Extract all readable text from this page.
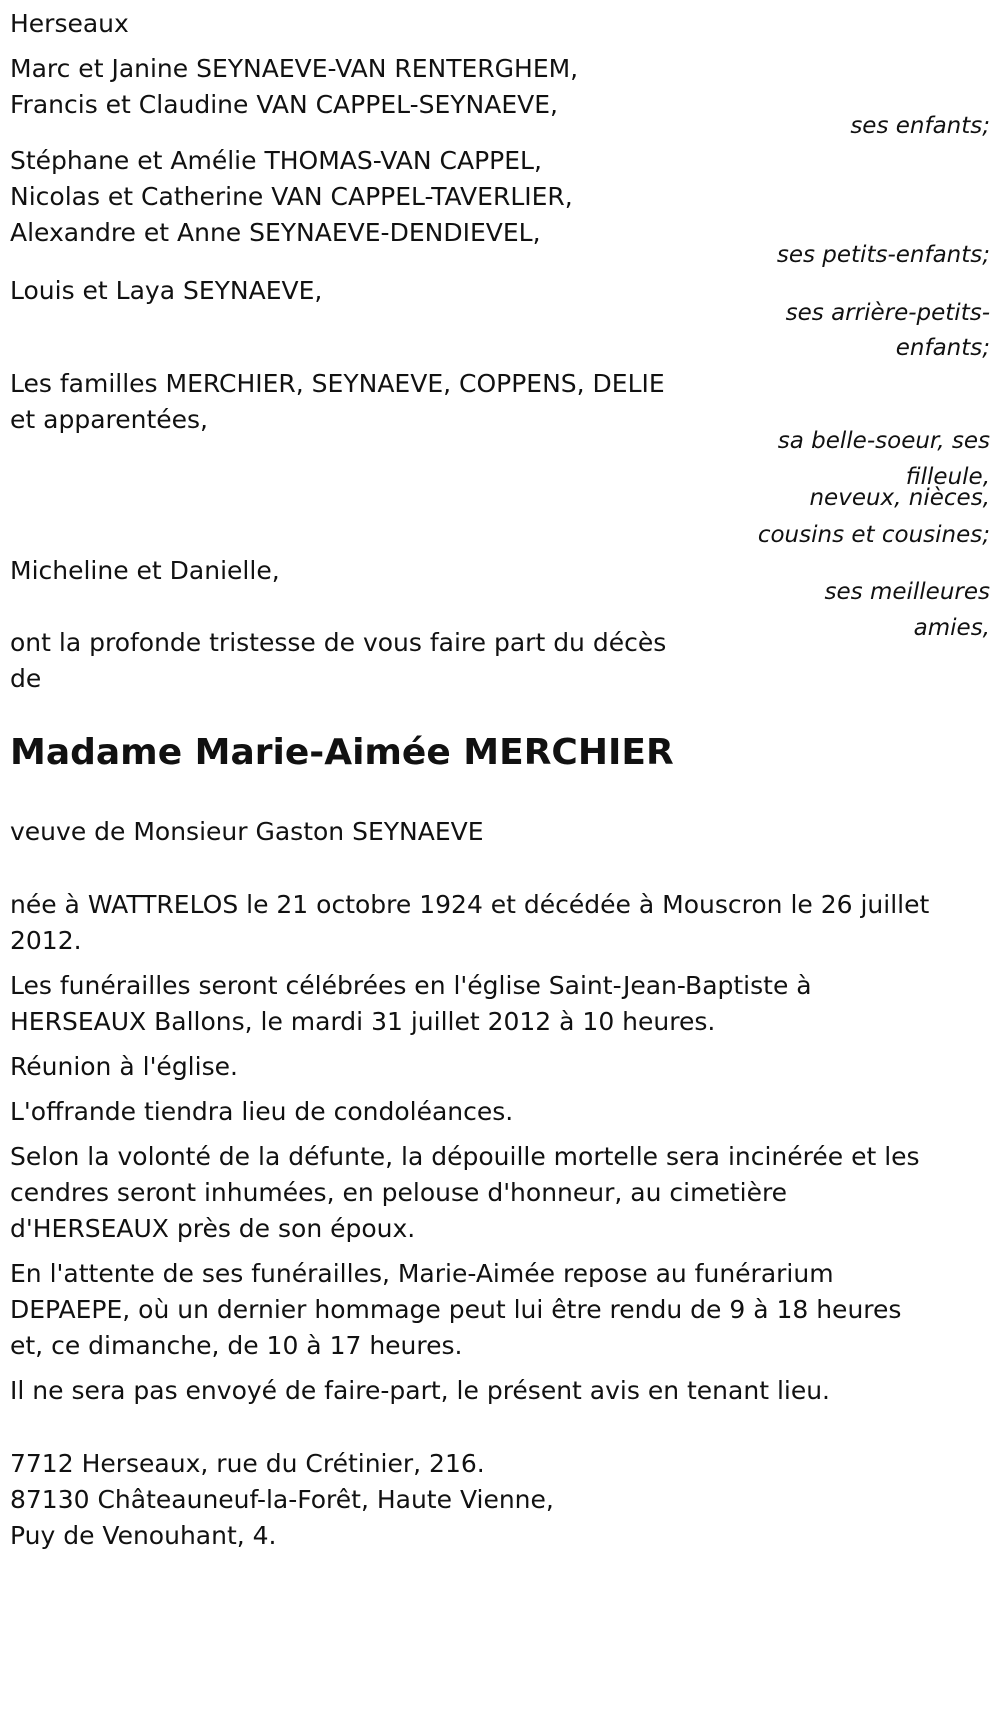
Herseaux
Marc et Janine SEYNAEVE-VAN RENTERGHEM,
Francis et Claudine VAN CAPPEL-SEYNAEVE,
ses enfants;
Stéphane et Amélie THOMAS-VAN CAPPEL,
Nicolas et Catherine VAN CAPPEL-TAVERLIER,
Alexandre et Anne SEYNAEVE-DENDIEVEL,
ses petits-enfants;
Louis et Laya SEYNAEVE,
ses arrière-petits-
enfants;
Les familles MERCHIER, SEYNAEVE, COPPENS, DELIE
et apparentées,
sa belle-soeur, ses
filleule,
neveux, nièces,
cousins et cousines;
Micheline et Danielle,
ses meilleures
amies,
ont la profonde tristesse de vous faire part du décès
de
Madame Marie-Aimée MERCHIER
veuve de Monsieur Gaston SEYNAEVE
née à WATTRELOS le 21 octobre 1924 et décédée à Mouscron le 26 juillet
2012.
Les funérailles seront célébrées en l'église Saint-Jean-Baptiste à
HERSEAUX Ballons, le mardi 31 juillet 2012 à 10 heures.
Réunion à l'église.
L'offrande tiendra lieu de condoléances.
Selon la volonté de la défunte, la dépouille mortelle sera incinérée et les
cendres seront inhumées, en pelouse d'honneur, au cimetière
d'HERSEAUX près de son époux.
En l'attente de ses funérailles, Marie-Aimée repose au funérarium
DEPAEPE, où un dernier hommage peut lui être rendu de 9 à 18 heures
et, ce dimanche, de 10 à 17 heures.
Il ne sera pas envoyé de faire-part, le présent avis en tenant lieu.
7712 Herseaux, rue du Crétinier, 216.
87130 Châteauneuf-la-Forêt, Haute Vienne,
Puy de Venouhant, 4.
